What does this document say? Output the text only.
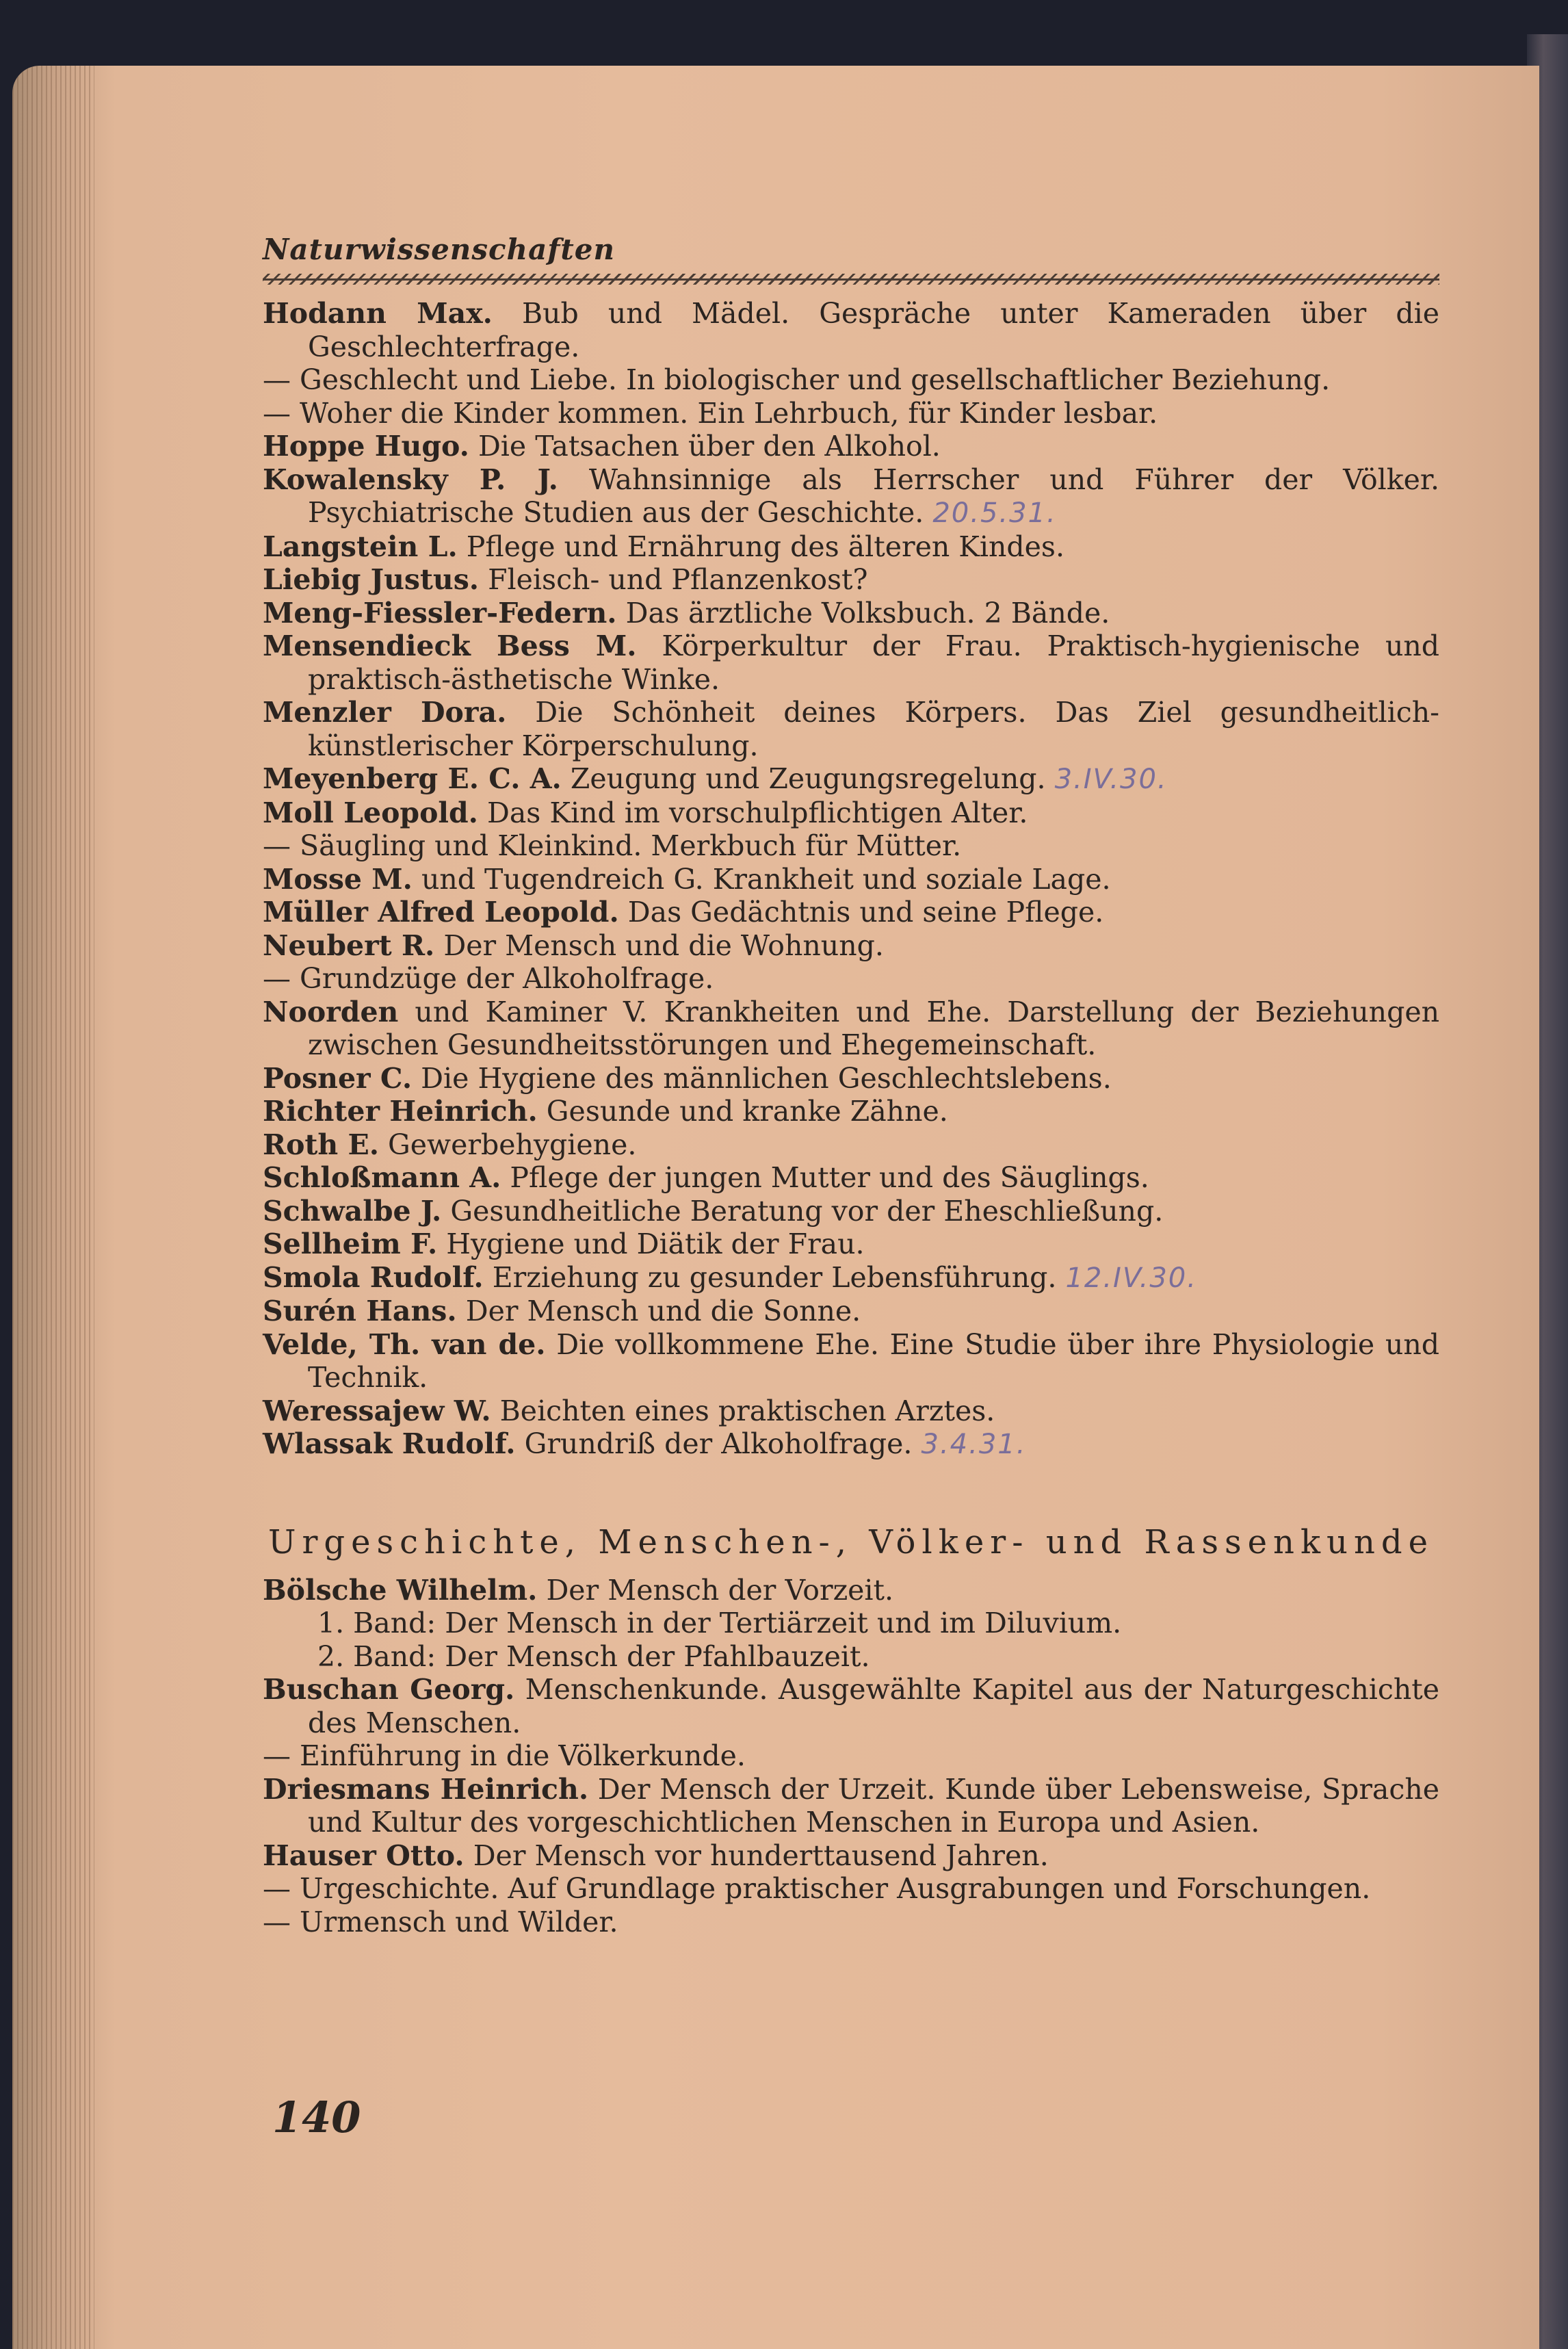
Naturwissenschaften
Hodann Max. Bub und Mädel. Gespräche unter Kameraden über die Geschlechterfrage.
— Geschlecht und Liebe. In biologischer und gesellschaftlicher Beziehung.
— Woher die Kinder kommen. Ein Lehrbuch, für Kinder lesbar.
Hoppe Hugo. Die Tatsachen über den Alkohol.
Kowalensky P. J. Wahnsinnige als Herrscher und Führer der Völker. Psychiatrische Studien aus der Geschichte. 20.5.31.
Langstein L. Pflege und Ernährung des älteren Kindes.
Liebig Justus. Fleisch- und Pflanzenkost?
Meng-Fiessler-Federn. Das ärztliche Volksbuch. 2 Bände.
Mensendieck Bess M. Körperkultur der Frau. Praktisch-hygienische und praktisch-ästhetische Winke.
Menzler Dora. Die Schönheit deines Körpers. Das Ziel gesundheitlich-künstlerischer Körperschulung.
Meyenberg E. C. A. Zeugung und Zeugungsregelung. 3.IV.30.
Moll Leopold. Das Kind im vorschulpflichtigen Alter.
— Säugling und Kleinkind. Merkbuch für Mütter.
Mosse M. und Tugendreich G. Krankheit und soziale Lage.
Müller Alfred Leopold. Das Gedächtnis und seine Pflege.
Neubert R. Der Mensch und die Wohnung.
— Grundzüge der Alkoholfrage.
Noorden und Kaminer V. Krankheiten und Ehe. Darstellung der Beziehungen zwischen Gesundheitsstörungen und Ehegemeinschaft.
Posner C. Die Hygiene des männlichen Geschlechtslebens.
Richter Heinrich. Gesunde und kranke Zähne.
Roth E. Gewerbehygiene.
Schloßmann A. Pflege der jungen Mutter und des Säuglings.
Schwalbe J. Gesundheitliche Beratung vor der Eheschließung.
Sellheim F. Hygiene und Diätik der Frau.
Smola Rudolf. Erziehung zu gesunder Lebensführung. 12.IV.30.
Surén Hans. Der Mensch und die Sonne.
Velde, Th. van de. Die vollkommene Ehe. Eine Studie über ihre Physiologie und Technik.
Weressajew W. Beichten eines praktischen Arztes.
Wlassak Rudolf. Grundriß der Alkoholfrage. 3.4.31.
Urgeschichte, Menschen-, Völker- und Rassenkunde
Bölsche Wilhelm. Der Mensch der Vorzeit.
1. Band: Der Mensch in der Tertiärzeit und im Diluvium.
2. Band: Der Mensch der Pfahlbauzeit.
Buschan Georg. Menschenkunde. Ausgewählte Kapitel aus der Naturgeschichte des Menschen.
— Einführung in die Völkerkunde.
Driesmans Heinrich. Der Mensch der Urzeit. Kunde über Lebensweise, Sprache und Kultur des vorgeschichtlichen Menschen in Europa und Asien.
Hauser Otto. Der Mensch vor hunderttausend Jahren.
— Urgeschichte. Auf Grundlage praktischer Ausgrabungen und Forschungen.
— Urmensch und Wilder.
140
